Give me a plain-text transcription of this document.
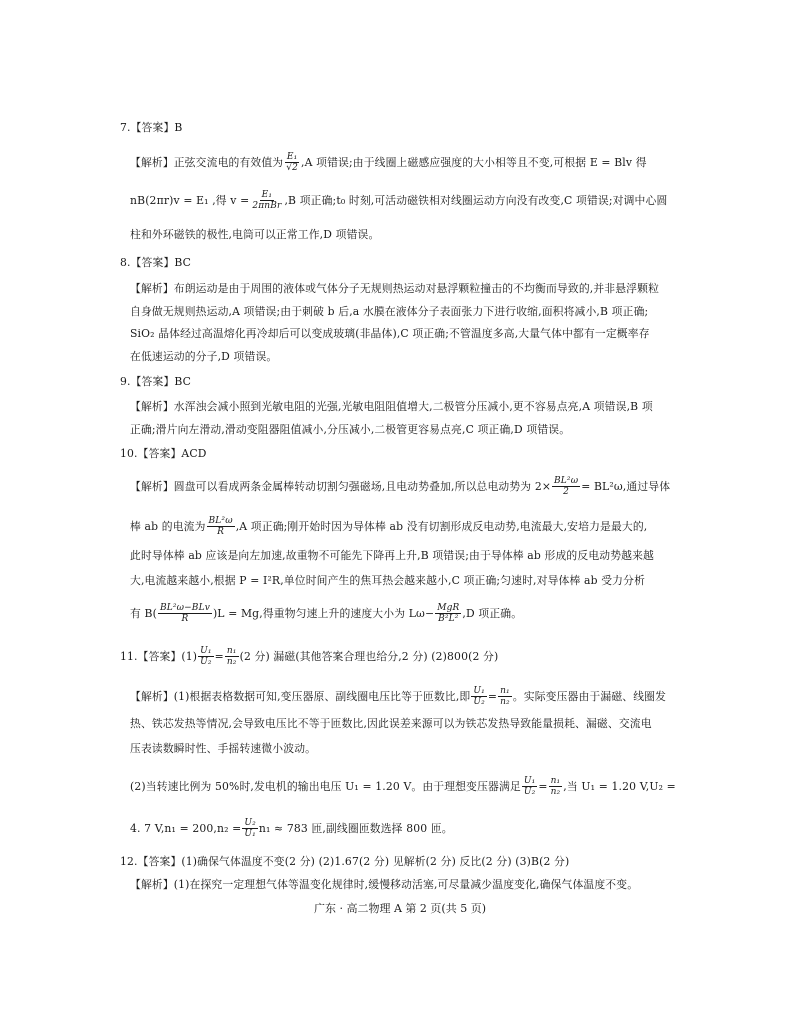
7.【答案】B
【解析】正弦交流电的有效值为 $\frac{\text{E₁}}{√2} ,A$ 项错误;由于线圈上磁感应强度的大小相等且不变,可根据 E = Blv 得
nB(2πr)v = E₁ ,得 $v = \frac{\text{E₁}}{\text{2πnBr}} ,B$ 项正确;t₀ 时刻,可活动磁铁相对线圈运动方向没有改变,C 项错误;对调中心圆
柱和外环磁铁的极性,电筒可以正常工作,D 项错误。
8.【答案】BC
【解析】布朗运动是由于周围的液体或气体分子无规则热运动对悬浮颗粒撞击的不均衡而导致的,并非悬浮颗粒
自身做无规则热运动,A 项错误;由于刺破 b 后,a 水膜在液体分子表面张力下进行收缩,面积将减小,B 项正确;
SiO₂ 晶体经过高温熔化再冷却后可以变成玻璃(非晶体),C 项正确;不管温度多高,大量气体中都有一定概率存
在低速运动的分子,D 项错误。
9.【答案】BC
【解析】水浑浊会减小照到光敏电阻的光强,光敏电阻阻值增大,二极管分压减小,更不容易点亮,A 项错误,B 项
正确;滑片向左滑动,滑动变阻器阻值减小,分压减小,二极管更容易点亮,C 项正确,D 项错误。
10.【答案】ACD
【解析】圆盘可以看成两条金属棒转动切割匀强磁场,且电动势叠加,所以总电动势为 $2\times \frac{\text{BL²ω}}{2} = BL^2\omega$,通过导体
棒 ab 的电流为 $\frac{\text{BL²ω}}{R} ,A$ 项正确;刚开始时因为导体棒 ab 没有切割形成反电动势,电流最大,安培力是最大的,
此时导体棒 ab 应该是向左加速,故重物不可能先下降再上升,B 项错误;由于导体棒 ab 形成的反电动势越来越
大,电流越来越小,根据 P = I²R,单位时间产生的焦耳热会越来越小,C 项正确;匀速时,对导体棒 ab 受力分析
有 $B( \frac{\text{BL²ω−BLv}}{R} )L = Mg$,得重物匀速上升的速度大小为 $L\omega- \frac{\text{MgR}}{\text{B²L²}} ,D$ 项正确。
11.【答案】$(1) \frac{\text{U₁}}{\text{U₂}} = \frac{\text{n₁}}{\text{n₂}} (2$ 分) 漏磁(其他答案合理也给分,2 分) (2)800(2 分)
【解析】(1)根据表格数据可知,变压器原、副线圈电压比等于匝数比,即 $\frac{\text{U₁}}{\text{U₂}} = \frac{\text{n₁}}{\text{n₂}}$ 。实际变压器由于漏磁、线圈发
热、铁芯发热等情况,会导致电压比不等于匝数比,因此误差来源可以为铁芯发热导致能量损耗、漏磁、交流电
压表读数瞬时性、手摇转速微小波动。
(2)当转速比例为 50%时,发电机的输出电压 U₁ = 1.20 V。由于理想变压器满足 $\frac{\text{U₁}}{\text{U₂}} = \frac{\text{n₁}}{\text{n₂}}$ ,当 U₁ = 1.20 V,U₂ =
4. 7 $V,n_1 = 200,n_2 = \frac{\text{U₂}}{\text{U₁}} n_1 \approx 783$ 匝,副线圈匝数选择 800 匝。
12.【答案】(1)确保气体温度不变(2 分) (2)1.67(2 分) 见解析(2 分) 反比(2 分) (3)B(2 分)
【解析】(1)在探究一定理想气体等温变化规律时,缓慢移动活塞,可尽量减少温度变化,确保气体温度不变。
广东 · 高二物理 A 第 2 页(共 5 页)
